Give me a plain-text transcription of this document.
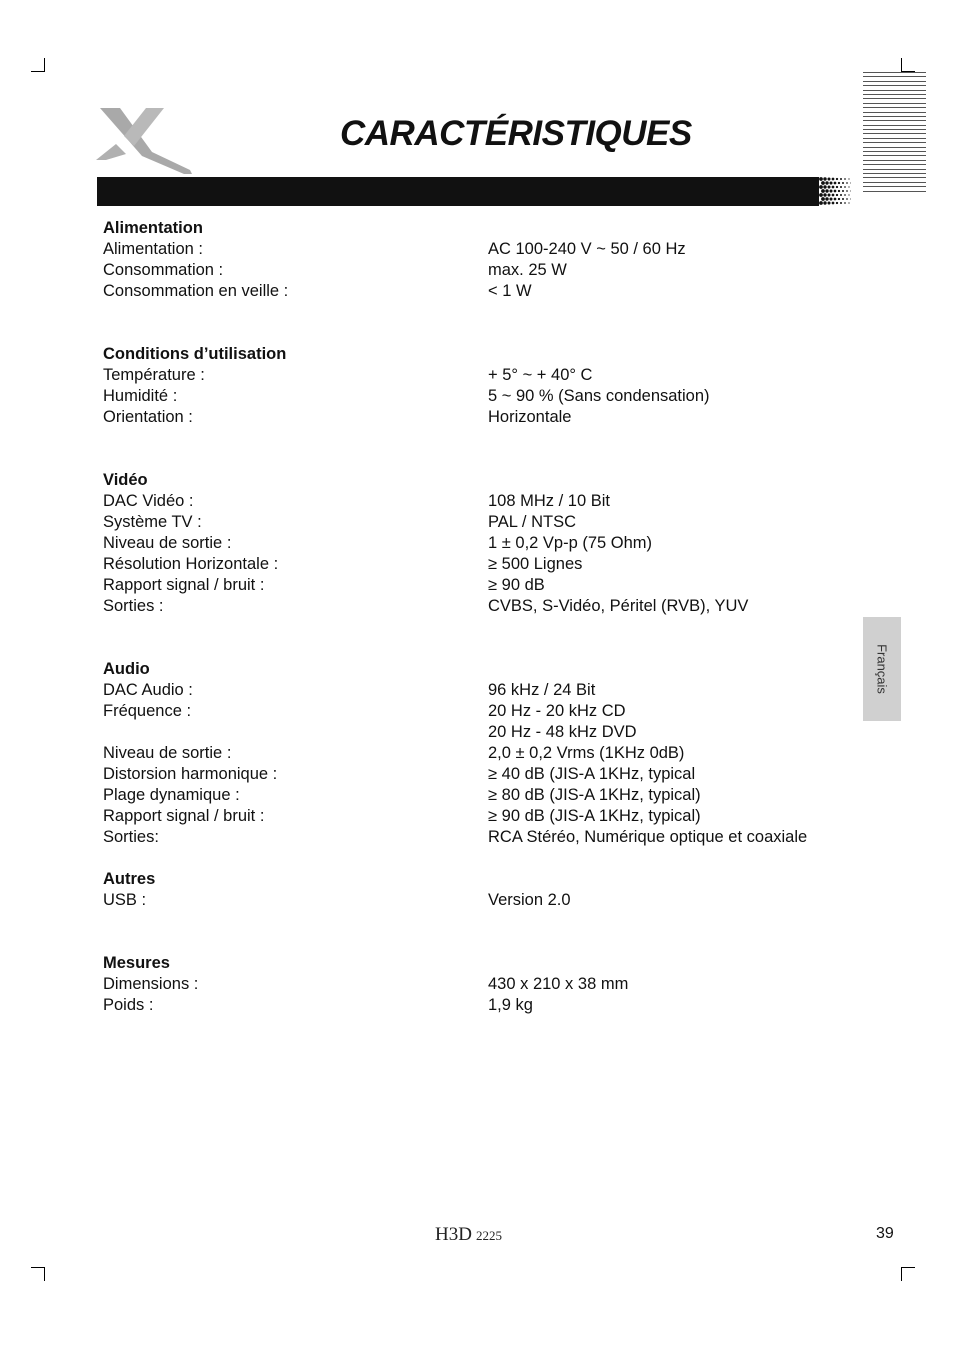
CARACTÉRISTIQUES
Français
Alimentation
Alimentation :	AC 100-240 V ~ 50 / 60 Hz
Consommation :	max. 25 W
Consommation en veille :	< 1 W
Conditions d’utilisation
Température :	+ 5° ~ + 40° C
Humidité :	5 ~ 90 % (Sans condensation)
Orientation :	Horizontale
Vidéo
DAC Vidéo :	108 MHz / 10 Bit
Système TV :	PAL / NTSC
Niveau de sortie :	1 ± 0,2 Vp-p (75 Ohm)
Résolution Horizontale :	≥ 500 Lignes
Rapport signal / bruit :	≥ 90 dB
Sorties :	CVBS, S-Vidéo, Péritel (RVB), YUV
Audio
DAC Audio :	96 kHz / 24 Bit
Fréquence :	20 Hz - 20 kHz CD
20 Hz - 48 kHz DVD
Niveau de sortie :	2,0 ± 0,2 Vrms (1KHz 0dB)
Distorsion harmonique :	≥ 40 dB (JIS-A 1KHz, typical
Plage dynamique :	≥ 80 dB (JIS-A 1KHz, typical)
Rapport signal / bruit :	≥ 90 dB (JIS-A 1KHz, typical)
Sorties:	RCA Stéréo, Numérique optique et coaxiale
Autres
USB :	Version 2.0
Mesures
Dimensions :	430 x 210 x 38 mm
Poids :	1,9 kg
H3D 2225	39
